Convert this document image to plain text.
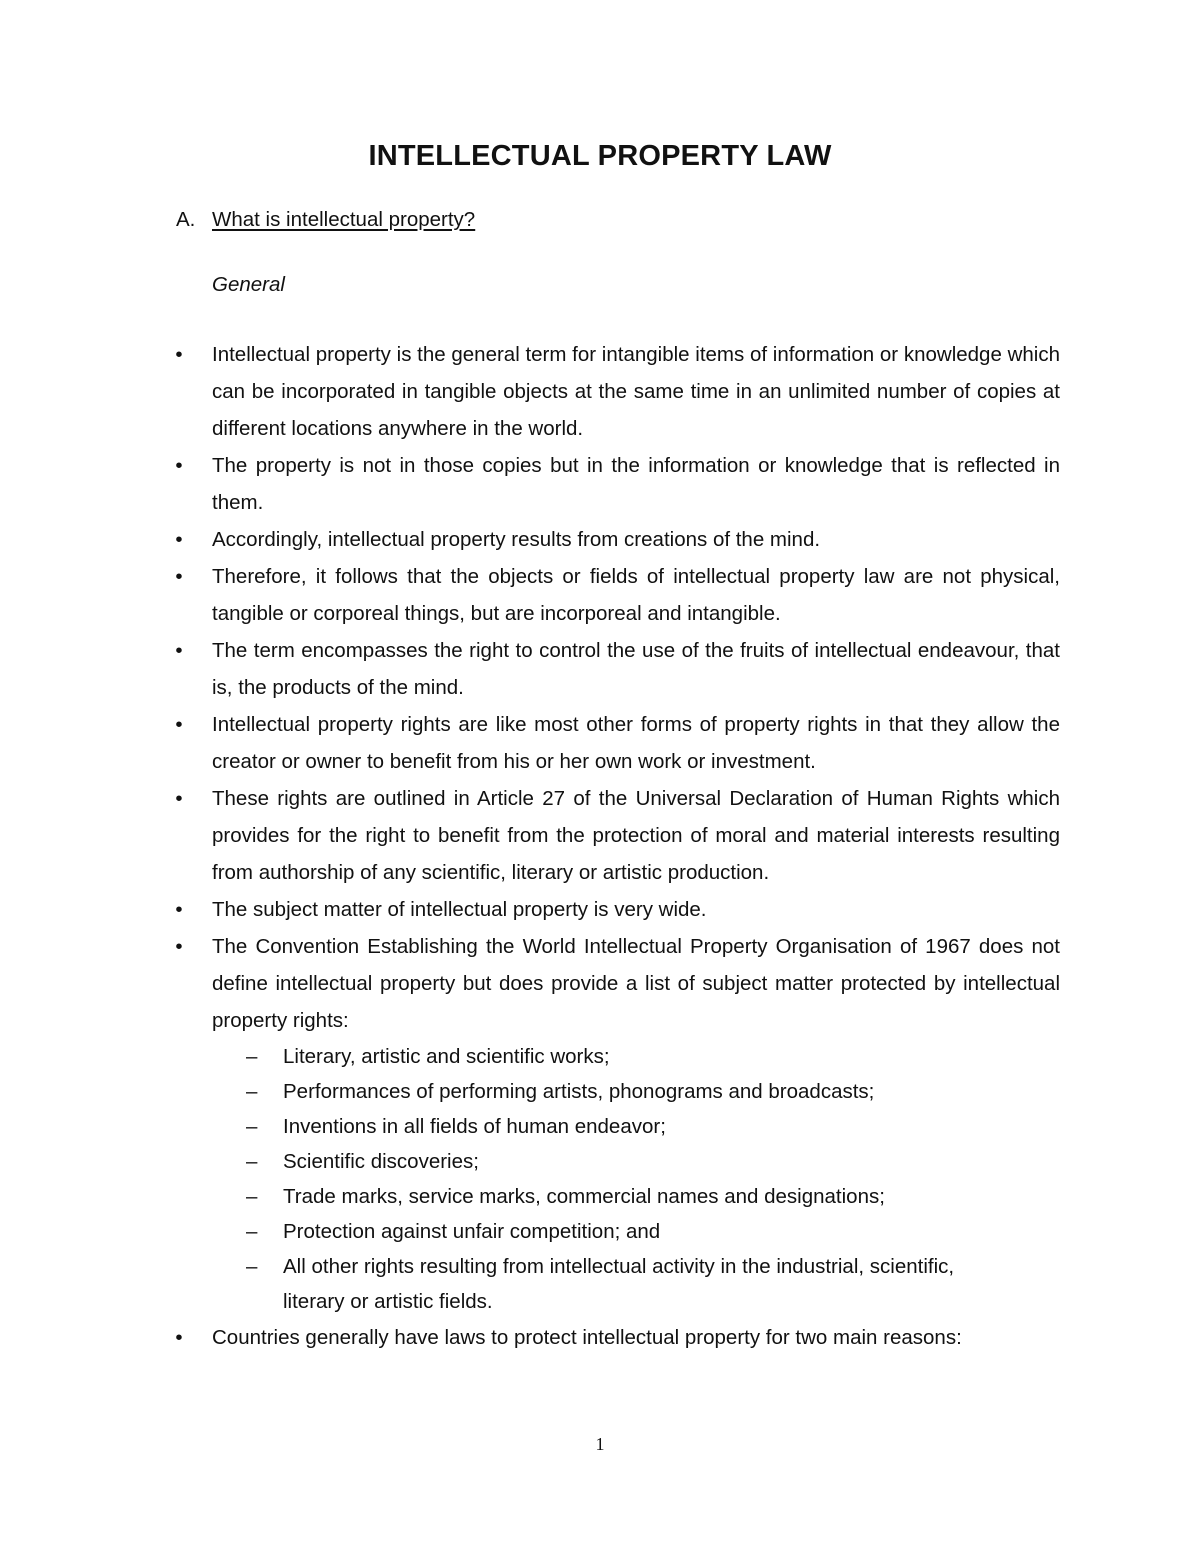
INTELLECTUAL PROPERTY LAW
A. What is intellectual property?
General
• Intellectual property is the general term for intangible items of information or knowledge which can be incorporated in tangible objects at the same time in an unlimited number of copies at different locations anywhere in the world.
• The property is not in those copies but in the information or knowledge that is reflected in them.
• Accordingly, intellectual property results from creations of the mind.
• Therefore, it follows that the objects or fields of intellectual property law are not physical, tangible or corporeal things, but are incorporeal and intangible.
• The term encompasses the right to control the use of the fruits of intellectual endeavour, that is, the products of the mind.
• Intellectual property rights are like most other forms of property rights in that they allow the creator or owner to benefit from his or her own work or investment.
• These rights are outlined in Article 27 of the Universal Declaration of Human Rights which provides for the right to benefit from the protection of moral and material interests resulting from authorship of any scientific, literary or artistic production.
• The subject matter of intellectual property is very wide.
• The Convention Establishing the World Intellectual Property Organisation of 1967 does not define intellectual property but does provide a list of subject matter protected by intellectual property rights:
– Literary, artistic and scientific works;
– Performances of performing artists, phonograms and broadcasts;
– Inventions in all fields of human endeavor;
– Scientific discoveries;
– Trade marks, service marks, commercial names and designations;
– Protection against unfair competition; and
– All other rights resulting from intellectual activity in the industrial, scientific, literary or artistic fields.
• Countries generally have laws to protect intellectual property for two main reasons:
1
